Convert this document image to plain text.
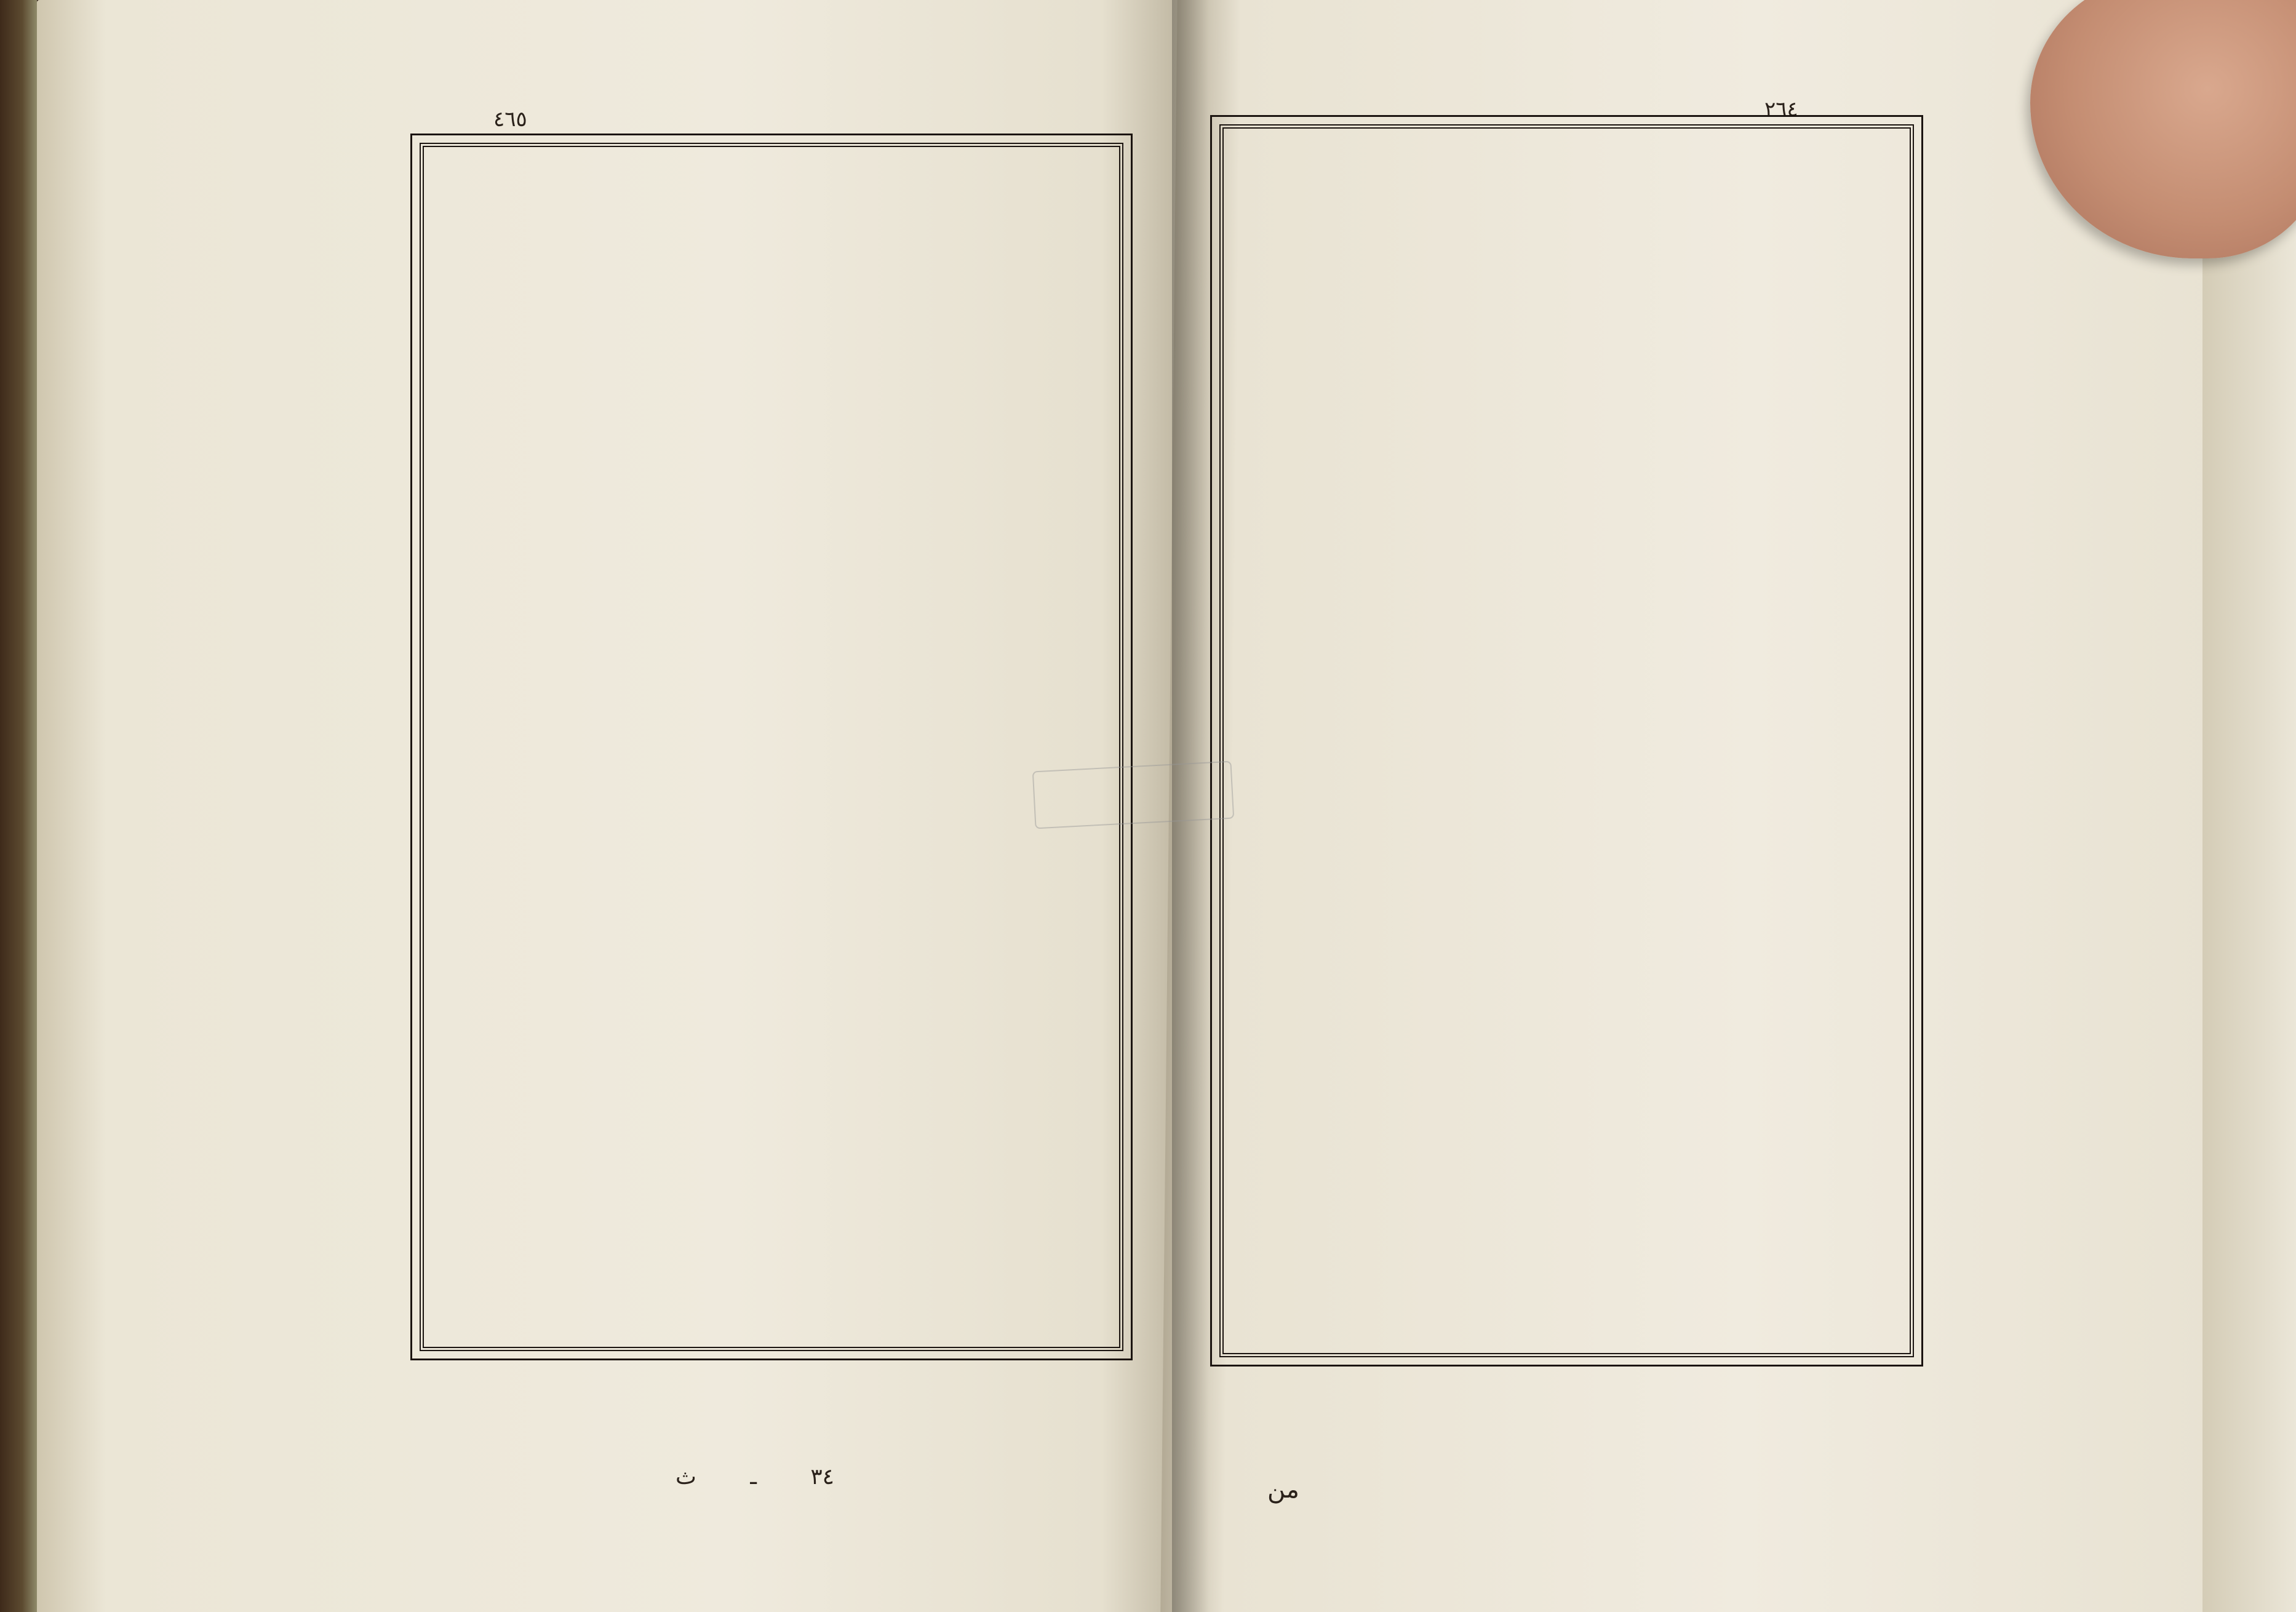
٤٦٥
٣٤ ـ ث
٢٦٤
من
